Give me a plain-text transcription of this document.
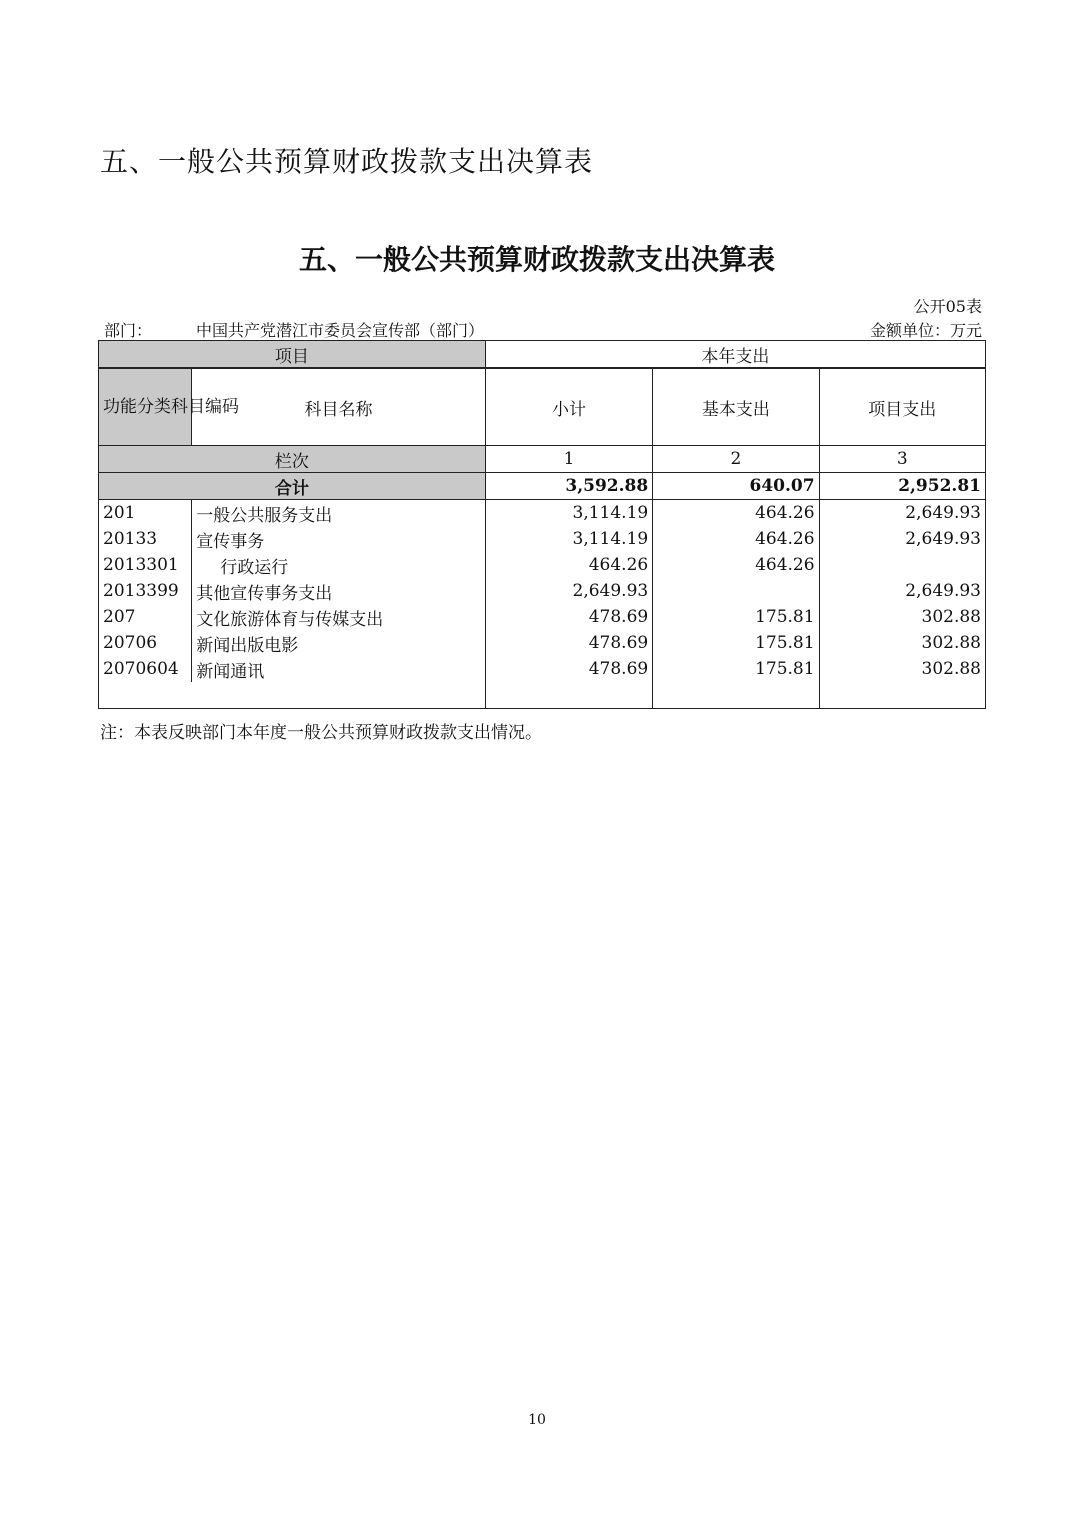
五、一般公共预算财政拨款支出决算表
五、一般公共预算财政拨款支出决算表
公开05表
部门：	中国共产党潜江市委员会宣传部（部门）	金额单位：万元
项目		本年支出		
功能分类科目编码	科目名称	小计	基本支出	项目支出
栏次		1	2	3
合计		3,592.88	640.07	2,952.81
201	一般公共服务支出	3,114.19	464.26	2,649.93
20133	宣传事务	3,114.19	464.26	2,649.93
2013301	行政运行	464.26	464.26	
2013399	其他宣传事务支出	2,649.93		2,649.93
207	文化旅游体育与传媒支出	478.69	175.81	302.88
20706	新闻出版电影	478.69	175.81	302.88
2070604	新闻通讯	478.69	175.81	302.88

注：本表反映部门本年度一般公共预算财政拨款支出情况。
10
